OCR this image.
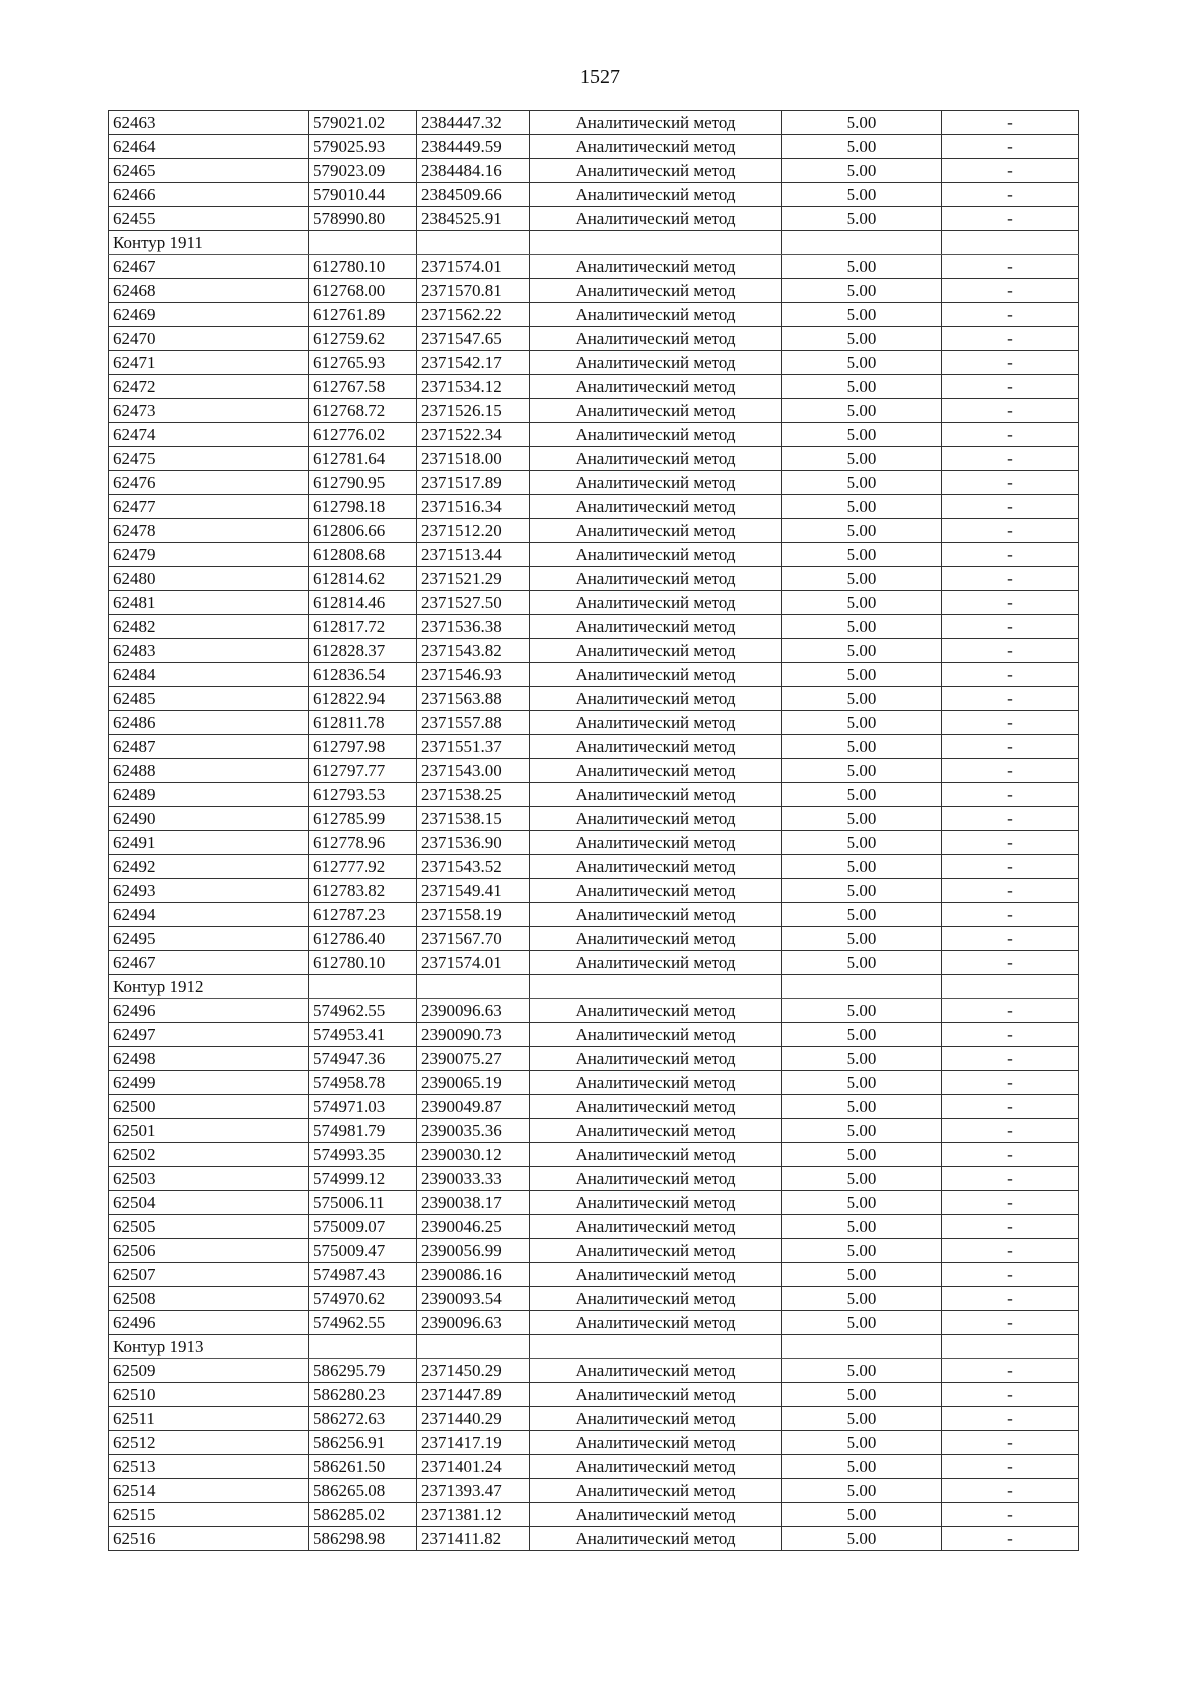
1527
62463	579021.02	2384447.32	Аналитический метод	5.00	-
62464	579025.93	2384449.59	Аналитический метод	5.00	-
62465	579023.09	2384484.16	Аналитический метод	5.00	-
62466	579010.44	2384509.66	Аналитический метод	5.00	-
62455	578990.80	2384525.91	Аналитический метод	5.00	-
Контур 1911					
62467	612780.10	2371574.01	Аналитический метод	5.00	-
62468	612768.00	2371570.81	Аналитический метод	5.00	-
62469	612761.89	2371562.22	Аналитический метод	5.00	-
62470	612759.62	2371547.65	Аналитический метод	5.00	-
62471	612765.93	2371542.17	Аналитический метод	5.00	-
62472	612767.58	2371534.12	Аналитический метод	5.00	-
62473	612768.72	2371526.15	Аналитический метод	5.00	-
62474	612776.02	2371522.34	Аналитический метод	5.00	-
62475	612781.64	2371518.00	Аналитический метод	5.00	-
62476	612790.95	2371517.89	Аналитический метод	5.00	-
62477	612798.18	2371516.34	Аналитический метод	5.00	-
62478	612806.66	2371512.20	Аналитический метод	5.00	-
62479	612808.68	2371513.44	Аналитический метод	5.00	-
62480	612814.62	2371521.29	Аналитический метод	5.00	-
62481	612814.46	2371527.50	Аналитический метод	5.00	-
62482	612817.72	2371536.38	Аналитический метод	5.00	-
62483	612828.37	2371543.82	Аналитический метод	5.00	-
62484	612836.54	2371546.93	Аналитический метод	5.00	-
62485	612822.94	2371563.88	Аналитический метод	5.00	-
62486	612811.78	2371557.88	Аналитический метод	5.00	-
62487	612797.98	2371551.37	Аналитический метод	5.00	-
62488	612797.77	2371543.00	Аналитический метод	5.00	-
62489	612793.53	2371538.25	Аналитический метод	5.00	-
62490	612785.99	2371538.15	Аналитический метод	5.00	-
62491	612778.96	2371536.90	Аналитический метод	5.00	-
62492	612777.92	2371543.52	Аналитический метод	5.00	-
62493	612783.82	2371549.41	Аналитический метод	5.00	-
62494	612787.23	2371558.19	Аналитический метод	5.00	-
62495	612786.40	2371567.70	Аналитический метод	5.00	-
62467	612780.10	2371574.01	Аналитический метод	5.00	-
Контур 1912					
62496	574962.55	2390096.63	Аналитический метод	5.00	-
62497	574953.41	2390090.73	Аналитический метод	5.00	-
62498	574947.36	2390075.27	Аналитический метод	5.00	-
62499	574958.78	2390065.19	Аналитический метод	5.00	-
62500	574971.03	2390049.87	Аналитический метод	5.00	-
62501	574981.79	2390035.36	Аналитический метод	5.00	-
62502	574993.35	2390030.12	Аналитический метод	5.00	-
62503	574999.12	2390033.33	Аналитический метод	5.00	-
62504	575006.11	2390038.17	Аналитический метод	5.00	-
62505	575009.07	2390046.25	Аналитический метод	5.00	-
62506	575009.47	2390056.99	Аналитический метод	5.00	-
62507	574987.43	2390086.16	Аналитический метод	5.00	-
62508	574970.62	2390093.54	Аналитический метод	5.00	-
62496	574962.55	2390096.63	Аналитический метод	5.00	-
Контур 1913					
62509	586295.79	2371450.29	Аналитический метод	5.00	-
62510	586280.23	2371447.89	Аналитический метод	5.00	-
62511	586272.63	2371440.29	Аналитический метод	5.00	-
62512	586256.91	2371417.19	Аналитический метод	5.00	-
62513	586261.50	2371401.24	Аналитический метод	5.00	-
62514	586265.08	2371393.47	Аналитический метод	5.00	-
62515	586285.02	2371381.12	Аналитический метод	5.00	-
62516	586298.98	2371411.82	Аналитический метод	5.00	-
